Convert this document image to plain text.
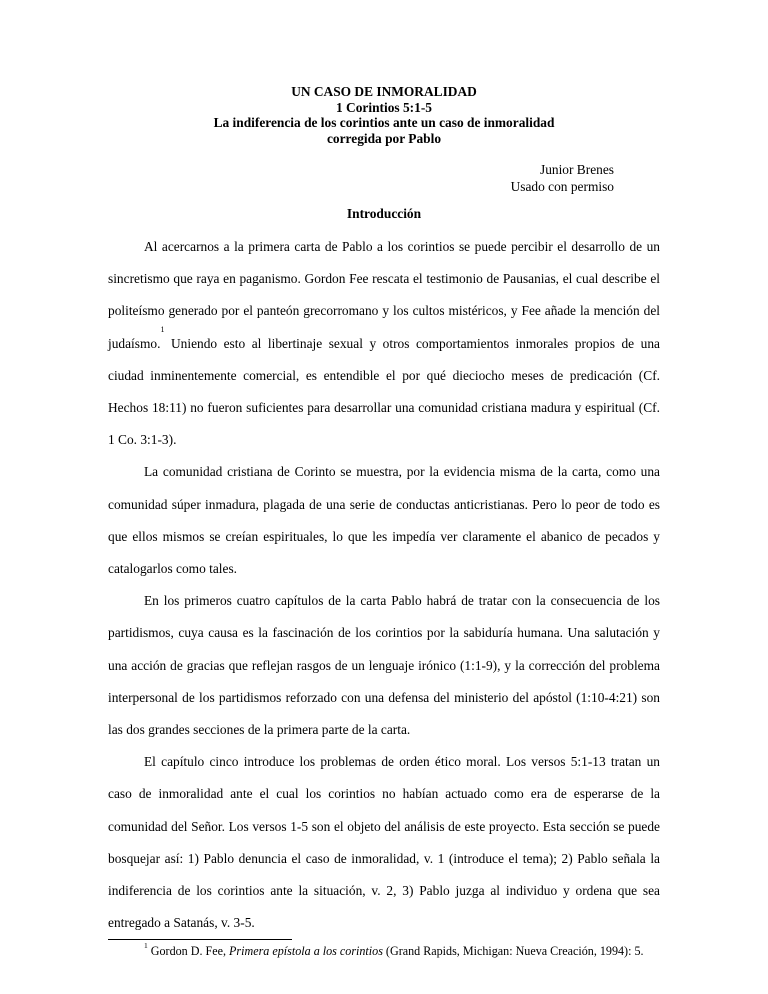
UN CASO DE INMORALIDAD
1 Corintios 5:1-5
La indiferencia de los corintios ante un caso de inmoralidad
corregida por Pablo
Junior Brenes
Usado con permiso
Introducción

Al acercarnos a la primera carta de Pablo a los corintios se puede percibir el desarrollo de un sincretismo que raya en paganismo. Gordon Fee rescata el testimonio de Pausanias, el cual describe el politeísmo generado por el panteón grecorromano y los cultos mistéricos, y Fee añade la mención del judaísmo.$^1$ Uniendo esto al libertinaje sexual y otros comportamientos inmorales propios de una ciudad inminentemente comercial, es entendible el por qué dieciocho meses de predicación (Cf. Hechos 18:11) no fueron suficientes para desarrollar una comunidad cristiana madura y espiritual (Cf. 1 Co. 3:1-3).

La comunidad cristiana de Corinto se muestra, por la evidencia misma de la carta, como una comunidad súper inmadura, plagada de una serie de conductas anticristianas. Pero lo peor de todo es que ellos mismos se creían espirituales, lo que les impedía ver claramente el abanico de pecados y catalogarlos como tales.

En los primeros cuatro capítulos de la carta Pablo habrá de tratar con la consecuencia de los partidismos, cuya causa es la fascinación de los corintios por la sabiduría humana. Una salutación y una acción de gracias que reflejan rasgos de un lenguaje irónico (1:1-9), y la corrección del problema interpersonal de los partidismos reforzado con una defensa del ministerio del apóstol (1:10-4:21) son las dos grandes secciones de la primera parte de la carta.

El capítulo cinco introduce los problemas de orden ético moral. Los versos 5:1-13 tratan un caso de inmoralidad ante el cual los corintios no habían actuado como era de esperarse de la comunidad del Señor. Los versos 1-5 son el objeto del análisis de este proyecto. Esta sección se puede bosquejar así: 1) Pablo denuncia el caso de inmoralidad, v. 1 (introduce el tema); 2) Pablo señala la indiferencia de los corintios ante la situación, v. 2, 3) Pablo juzga al individuo y ordena que sea entregado a Satanás, v. 3-5.

$^1$ Gordon D. Fee, Primera epístola a los corintios (Grand Rapids, Michigan: Nueva Creación, 1994): 5.
